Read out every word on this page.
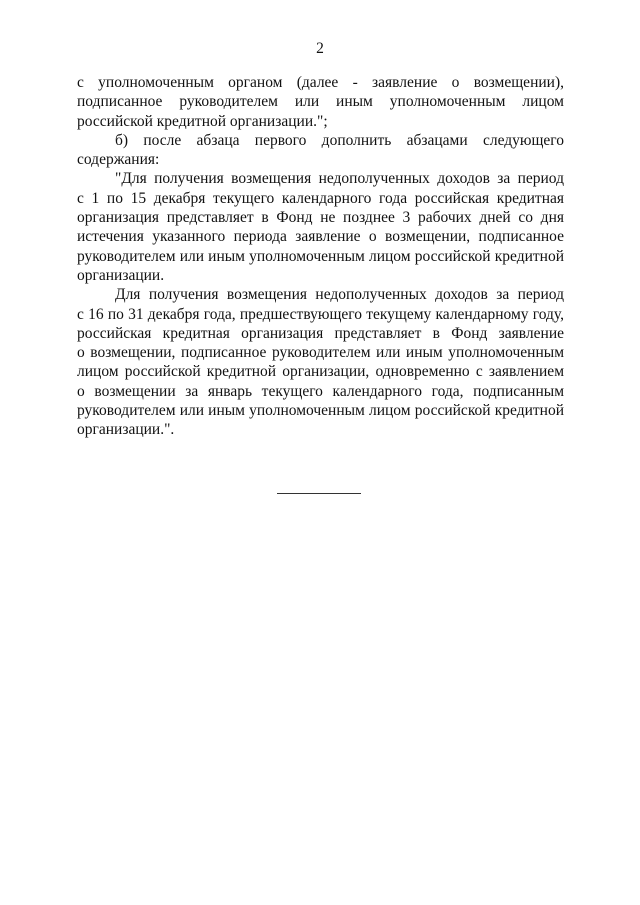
2
с уполномоченным органом (далее - заявление о возмещении),
подписанное руководителем или иным уполномоченным лицом
российской кредитной организации.";
б) после абзаца первого дополнить абзацами следующего
содержания:
"Для получения возмещения недополученных доходов за период
с 1 по 15 декабря текущего календарного года российская кредитная
организация представляет в Фонд не позднее 3 рабочих дней со дня
истечения указанного периода заявление о возмещении, подписанное
руководителем или иным уполномоченным лицом российской кредитной
организации.
Для получения возмещения недополученных доходов за период
с 16 по 31 декабря года, предшествующего текущему календарному году,
российская кредитная организация представляет в Фонд заявление
о возмещении, подписанное руководителем или иным уполномоченным
лицом российской кредитной организации, одновременно с заявлением
о возмещении за январь текущего календарного года, подписанным
руководителем или иным уполномоченным лицом российской кредитной
организации.".
